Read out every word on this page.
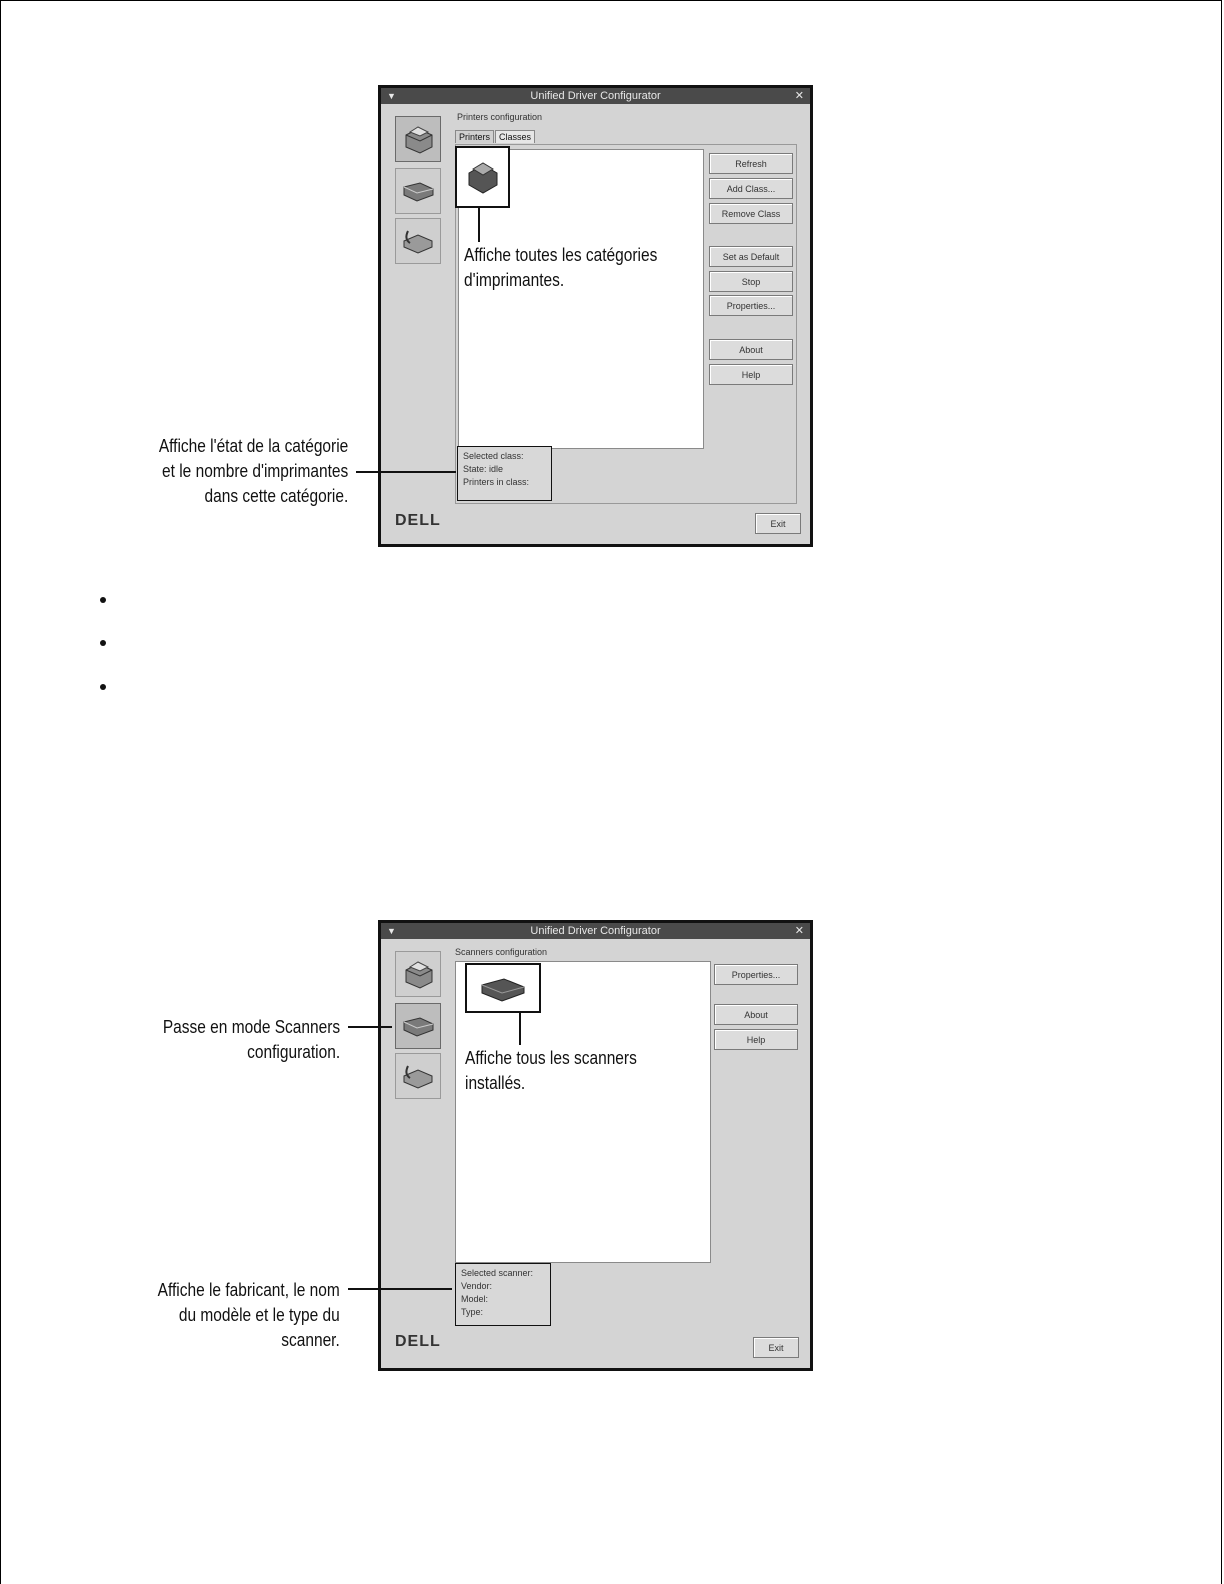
▼	Unified Driver Configurator	✕
Printers configuration
Printers	Classes
Refresh
Add Class...
Remove Class
Set as Default
Stop
Properties...
About
Help
Selected class:
State: idle
Printers in class:
DELL	Exit
Affiche toutes les catégories
d'imprimantes.
Affiche l'état de la catégorie
et le nombre d'imprimantes
dans cette catégorie.
▼	Unified Driver Configurator	✕
Scanners configuration
Properties...
About
Help
Selected scanner:
Vendor:
Model:
Type:
DELL	Exit
Passe en mode Scanners
configuration.	Affiche tous les scanners
installés.
Affiche le fabricant, le nom
du modèle et le type du
scanner.
